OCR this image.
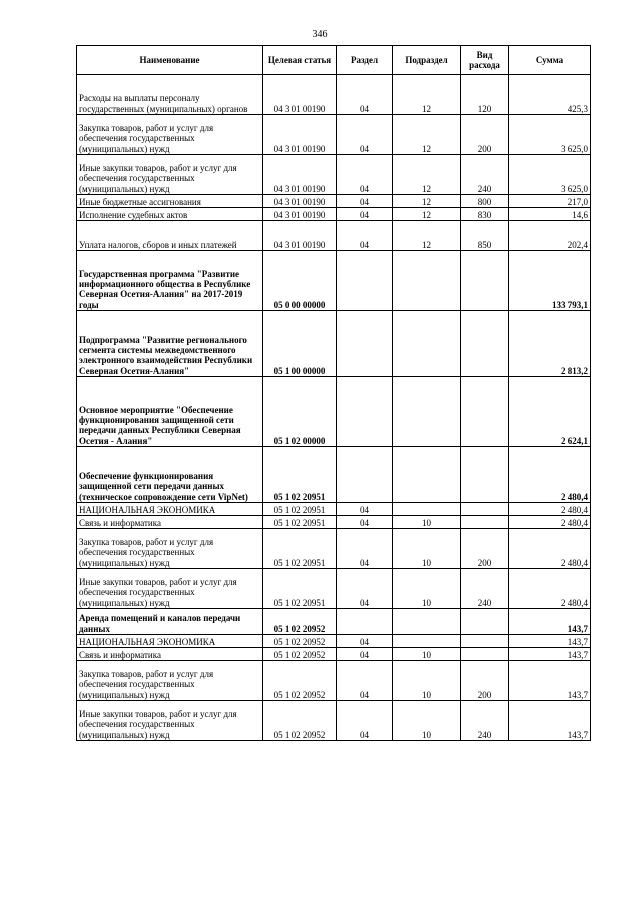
346
Наименование	Целевая статья	Раздел	Подраздел	Вид расхода	Сумма
Расходы на выплаты персоналу государственных (муниципальных) органов	04 3 01 00190	04	12	120	425,3
Закупка товаров, работ и услуг для обеспечения государственных (муниципальных) нужд	04 3 01 00190	04	12	200	3 625,0
Иные закупки товаров, работ и услуг для обеспечения государственных (муниципальных) нужд	04 3 01 00190	04	12	240	3 625,0
Иные бюджетные ассигнования	04 3 01 00190	04	12	800	217,0
Исполнение судебных актов	04 3 01 00190	04	12	830	14,6
Уплата налогов, сборов и иных платежей	04 3 01 00190	04	12	850	202,4
Государственная программа "Развитие информационного общества в Республике Северная Осетия-Алания" на 2017-2019 годы	05 0 00 00000				133 793,1
Подпрограмма "Развитие регионального сегмента системы межведомственного электронного взаимодействия Республики Северная Осетия-Алания"	05 1 00 00000				2 813,2
Основное мероприятие "Обеспечение функционирования защищенной сети передачи данных Республики Северная Осетия - Алания"	05 1 02 00000				2 624,1
Обеспечение функционирования защищенной сети передачи данных (техническое сопровождение сети VipNet)	05 1 02 20951				2 480,4
НАЦИОНАЛЬНАЯ ЭКОНОМИКА	05 1 02 20951	04			2 480,4
Связь и информатика	05 1 02 20951	04	10		2 480,4
Закупка товаров, работ и услуг для обеспечения государственных (муниципальных) нужд	05 1 02 20951	04	10	200	2 480,4
Иные закупки товаров, работ и услуг для обеспечения государственных (муниципальных) нужд	05 1 02 20951	04	10	240	2 480,4
Аренда помещений и каналов передачи данных	05 1 02 20952				143,7
НАЦИОНАЛЬНАЯ ЭКОНОМИКА	05 1 02 20952	04			143,7
Связь и информатика	05 1 02 20952	04	10		143,7
Закупка товаров, работ и услуг для обеспечения государственных (муниципальных) нужд	05 1 02 20952	04	10	200	143,7
Иные закупки товаров, работ и услуг для обеспечения государственных (муниципальных) нужд	05 1 02 20952	04	10	240	143,7
